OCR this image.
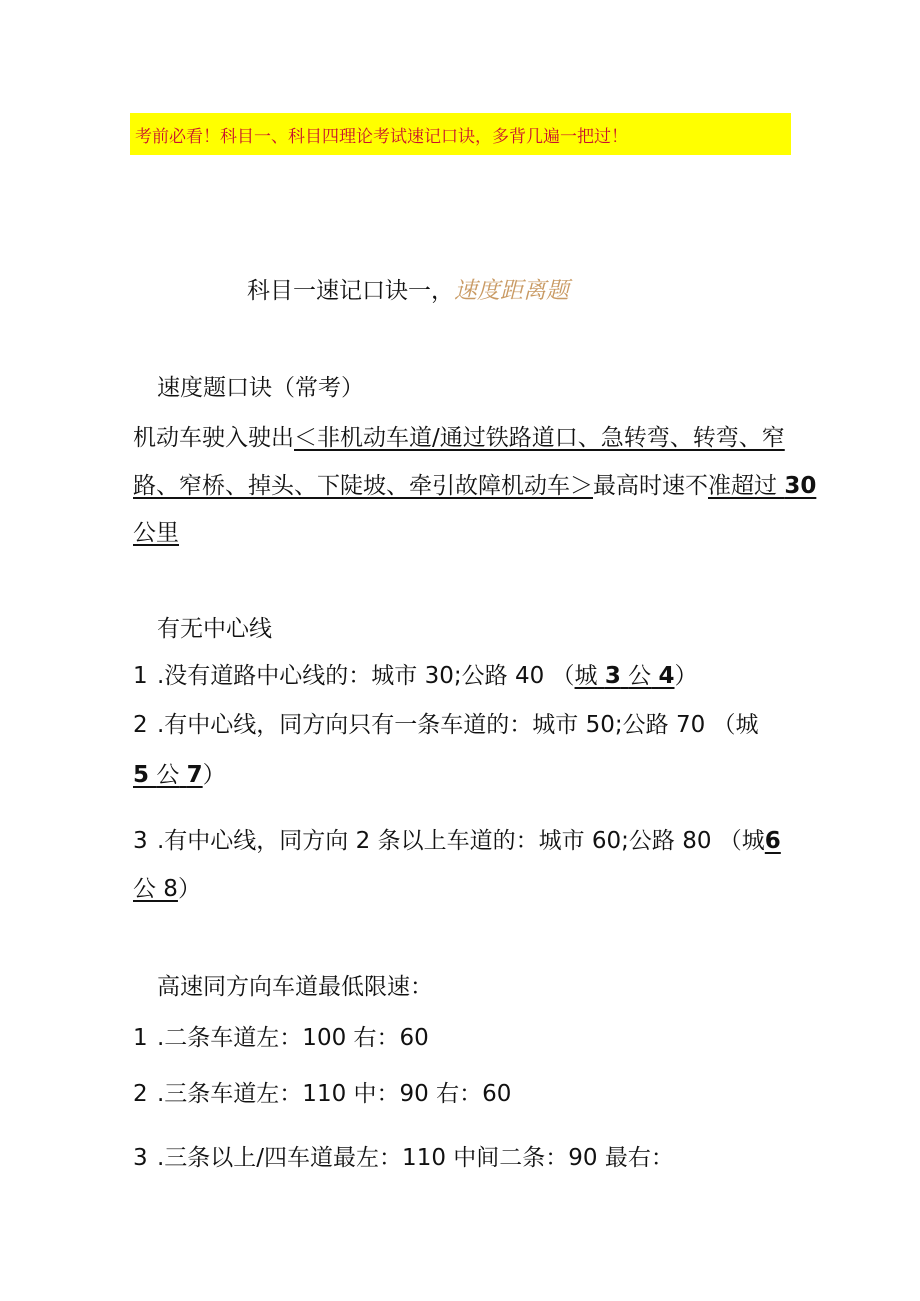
考前必看！科目一、科目四理论考试速记口诀，多背几遍一把过！
科目一速记口诀一，速度距离题
速度题口诀（常考）
机动车驶入驶出＜非机动车道/通过铁路道口、急转弯、转弯、窄
路、窄桥、掉头、下陡坡、牵引故障机动车＞最高时速不准超过 30
公里
有无中心线
1 .没有道路中心线的：城市 30;公路 40 （城 3 公 4）
2 .有中心线，同方向只有一条车道的：城市 50;公路 70 （城
5 公 7）
3 .有中心线，同方向 2 条以上车道的：城市 60;公路 80 （城6
公 8）
高速同方向车道最低限速：
1 .二条车道左：100 右：60
2 .三条车道左：110 中：90 右：60
3 .三条以上/四车道最左：110 中间二条：90 最右：
